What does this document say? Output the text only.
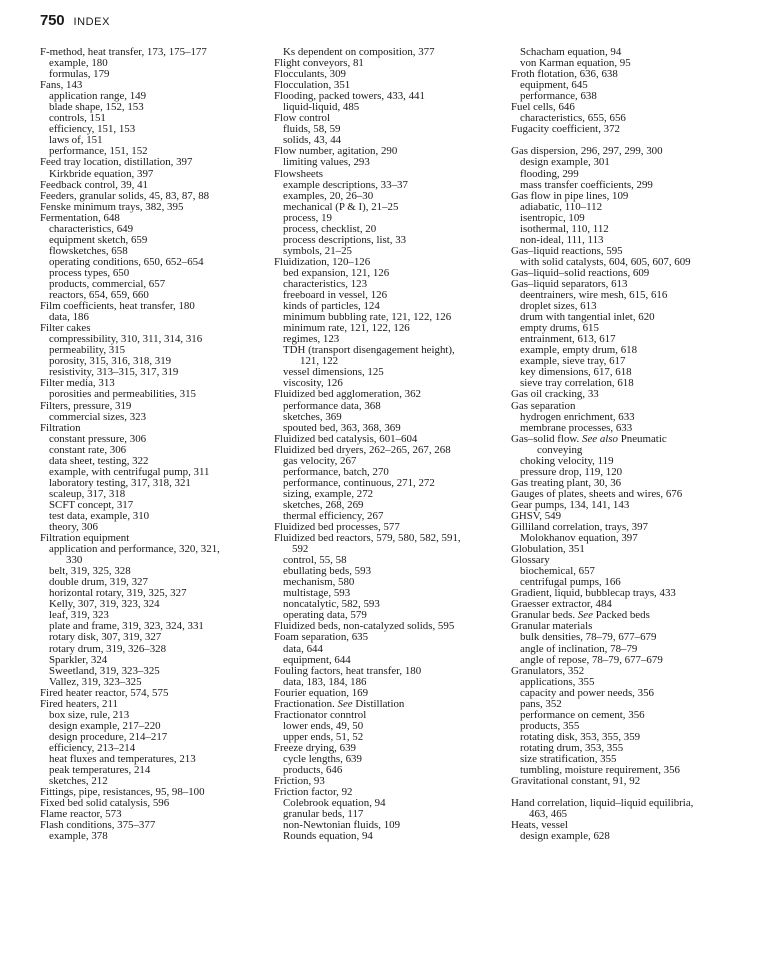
750 INDEX
F-method, heat transfer, 173, 175–177
example, 180
formulas, 179
Fans, 143
application range, 149
blade shape, 152, 153
controls, 151
efficiency, 151, 153
laws of, 151
performance, 151, 152
Feed tray location, distillation, 397
Kirkbride equation, 397
Feedback control, 39, 41
Feeders, granular solids, 45, 83, 87, 88
Fenske minimum trays, 382, 395
Fermentation, 648
characteristics, 649
equipment sketch, 659
flowsketches, 658
operating conditions, 650, 652–654
process types, 650
products, commercial, 657
reactors, 654, 659, 660
Film coefficients, heat transfer, 180
data, 186
Filter cakes
compressibility, 310, 311, 314, 316
permeability, 315
porosity, 315, 316, 318, 319
resistivity, 313–315, 317, 319
Filter media, 313
porosities and permeabilities, 315
Filters, pressure, 319
commercial sizes, 323
Filtration
constant pressure, 306
constant rate, 306
data sheet, testing, 322
example, with centrifugal pump, 311
laboratory testing, 317, 318, 321
scaleup, 317, 318
SCFT concept, 317
test data, example, 310
theory, 306
Filtration equipment
application and performance, 320, 321,
330
belt, 319, 325, 328
double drum, 319, 327
horizontal rotary, 319, 325, 327
Kelly, 307, 319, 323, 324
leaf, 319, 323
plate and frame, 319, 323, 324, 331
rotary disk, 307, 319, 327
rotary drum, 319, 326–328
Sparkler, 324
Sweetland, 319, 323–325
Vallez, 319, 323–325
Fired heater reactor, 574, 575
Fired heaters, 211
box size, rule, 213
design example, 217–220
design procedure, 214–217
efficiency, 213–214
heat fluxes and temperatures, 213
peak temperatures, 214
sketches, 212
Fittings, pipe, resistances, 95, 98–100
Fixed bed solid catalysis, 596
Flame reactor, 573
Flash conditions, 375–377
example, 378
Ks dependent on composition, 377
Flight conveyors, 81
Flocculants, 309
Flocculation, 351
Flooding, packed towers, 433, 441
liquid-liquid, 485
Flow control
fluids, 58, 59
solids, 43, 44
Flow number, agitation, 290
limiting values, 293
Flowsheets
example descriptions, 33–37
examples, 20, 26–30
mechanical (P & I), 21–25
process, 19
process, checklist, 20
process descriptions, list, 33
symbols, 21–25
Fluidization, 120–126
bed expansion, 121, 126
characteristics, 123
freeboard in vessel, 126
kinds of particles, 124
minimum bubbling rate, 121, 122, 126
minimum rate, 121, 122, 126
regimes, 123
TDH (transport disengagement height),
121, 122
vessel dimensions, 125
viscosity, 126
Fluidized bed agglomeration, 362
performance data, 368
sketches, 369
spouted bed, 363, 368, 369
Fluidized bed catalysis, 601–604
Fluidized bed dryers, 262–265, 267, 268
gas velocity, 267
performance, batch, 270
performance, continuous, 271, 272
sizing, example, 272
sketches, 268, 269
thermal efficiency, 267
Fluidized bed processes, 577
Fluidized bed reactors, 579, 580, 582, 591,
592
control, 55, 58
ebullating beds, 593
mechanism, 580
multistage, 593
noncatalytic, 582, 593
operating data, 579
Fluidized beds, non-catalyzed solids, 595
Foam separation, 635
data, 644
equipment, 644
Fouling factors, heat transfer, 180
data, 183, 184, 186
Fourier equation, 169
Fractionation. See Distillation
Fractionator conntrol
lower ends, 49, 50
upper ends, 51, 52
Freeze drying, 639
cycle lengths, 639
products, 646
Friction, 93
Friction factor, 92
Colebrook equation, 94
granular beds, 117
non-Newtonian fluids, 109
Rounds equation, 94
Schacham equation, 94
von Karman equation, 95
Froth flotation, 636, 638
equipment, 645
performance, 638
Fuel cells, 646
characteristics, 655, 656
Fugacity coefficient, 372
Gas dispersion, 296, 297, 299, 300
design example, 301
flooding, 299
mass transfer coefficients, 299
Gas flow in pipe lines, 109
adiabatic, 110–112
isentropic, 109
isothermal, 110, 112
non-ideal, 111, 113
Gas–liquid reactions, 595
with solid catalysts, 604, 605, 607, 609
Gas–liquid–solid reactions, 609
Gas–liquid separators, 613
deentrainers, wire mesh, 615, 616
droplet sizes, 613
drum with tangential inlet, 620
empty drums, 615
entrainment, 613, 617
example, empty drum, 618
example, sieve tray, 617
key dimensions, 617, 618
sieve tray correlation, 618
Gas oil cracking, 33
Gas separation
hydrogen enrichment, 633
membrane processes, 633
Gas–solid flow. See also Pneumatic
conveying
choking velocity, 119
pressure drop, 119, 120
Gas treating plant, 30, 36
Gauges of plates, sheets and wires, 676
Gear pumps, 134, 141, 143
GHSV, 549
Gilliland correlation, trays, 397
Molokhanov equation, 397
Globulation, 351
Glossary
biochemical, 657
centrifugal pumps, 166
Gradient, liquid, bubblecap trays, 433
Graesser extractor, 484
Granular beds. See Packed beds
Granular materials
bulk densities, 78–79, 677–679
angle of inclination, 78–79
angle of repose, 78–79, 677–679
Granulators, 352
applications, 355
capacity and power needs, 356
pans, 352
performance on cement, 356
products, 355
rotating disk, 353, 355, 359
rotating drum, 353, 355
size stratification, 355
tumbling, moisture requirement, 356
Gravitational constant, 91, 92
Hand correlation, liquid–liquid equilibria,
463, 465
Heats, vessel
design example, 628
